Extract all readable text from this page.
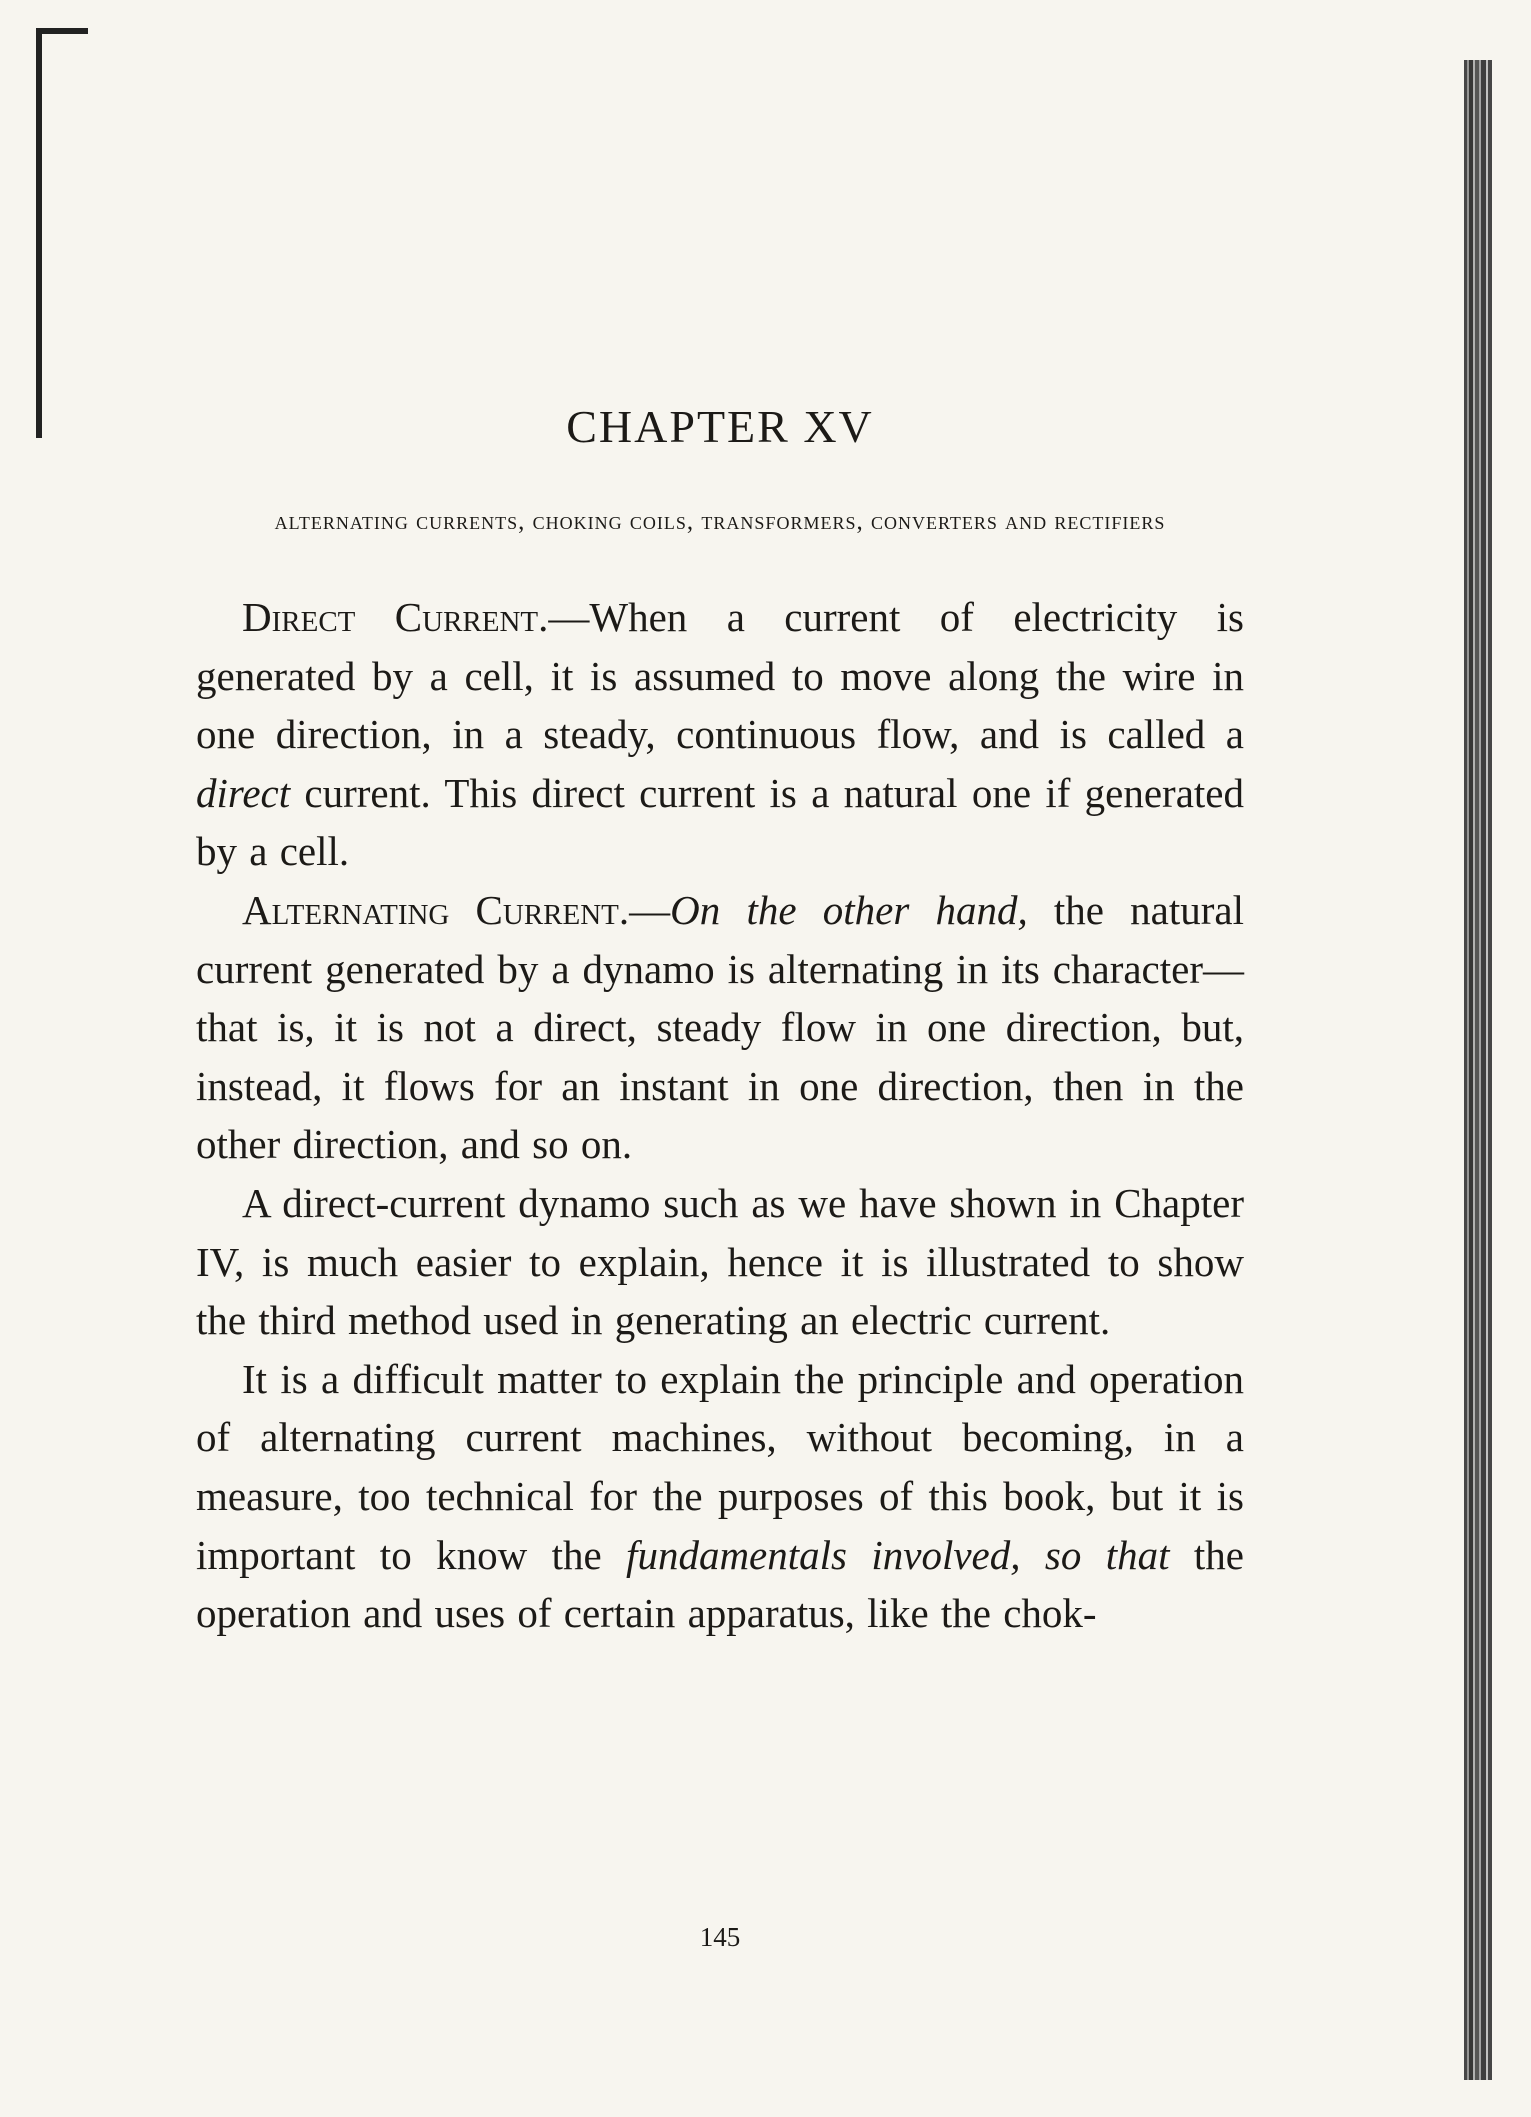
CHAPTER XV
alternating currents, choking coils, transformers, converters and rectifiers

Direct Current.—When a current of electricity is generated by a cell, it is assumed to move along the wire in one direction, in a steady, continuous flow, and is called a direct current. This direct current is a natural one if generated by a cell.

Alternating Current.—On the other hand, the natural current generated by a dynamo is alternating in its character—that is, it is not a direct, steady flow in one direction, but, instead, it flows for an instant in one direction, then in the other direction, and so on.

A direct-current dynamo such as we have shown in Chapter IV, is much easier to explain, hence it is illustrated to show the third method used in generating an electric current.

It is a difficult matter to explain the principle and operation of alternating current machines, without becoming, in a measure, too technical for the purposes of this book, but it is important to know the fundamentals involved, so that the operation and uses of certain apparatus, like the chok-

145
